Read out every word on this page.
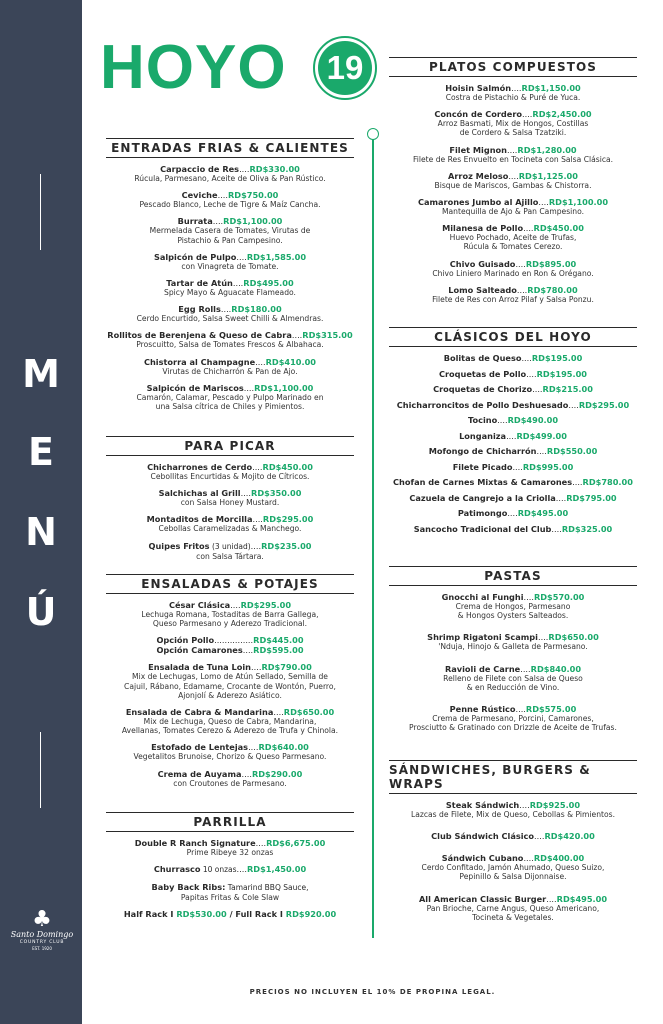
M
E
N
Ú
♣
Santo Domingo
COUNTRY CLUB
EST. 1920
HOYO 19
ENTRADAS FRIAS & CALIENTES
Carpaccio de Res....RD$330.00
Rúcula, Parmesano, Aceite de Oliva & Pan Rústico.
Ceviche....RD$750.00
Pescado Blanco, Leche de Tigre & Maíz Cancha.
Burrata....RD$1,100.00
Mermelada Casera de Tomates, Virutas de
Pistachio & Pan Campesino.
Salpicón de Pulpo....RD$1,585.00
con Vinagreta de Tomate.
Tartar de Atún....RD$495.00
Spicy Mayo & Aguacate Flameado.
Egg Rolls....RD$180.00
Cerdo Encurtido, Salsa Sweet Chilli & Almendras.
Rollitos de Berenjena & Queso de Cabra....RD$315.00
Proscuitto, Salsa de Tomates Frescos & Albahaca.
Chistorra al Champagne....RD$410.00
Virutas de Chicharrón & Pan de Ajo.
Salpicón de Mariscos....RD$1,100.00
Camarón, Calamar, Pescado y Pulpo Marinado en
una Salsa cítrica de Chiles y Pimientos.
PARA PICAR
Chicharrones de Cerdo....RD$450.00
Cebollitas Encurtidas & Mojito de Cítricos.
Salchichas al Grill....RD$350.00
con Salsa Honey Mustard.
Montaditos de Morcilla....RD$295.00
Cebollas Caramelizadas & Manchego.
Quipes Fritos (3 unidad)....RD$235.00
con Salsa Tártara.
ENSALADAS & POTAJES
César Clásica....RD$295.00
Lechuga Romana, Tostaditas de Barra Gallega,
Queso Parmesano y Aderezo Tradicional.
Opción Pollo...............RD$445.00
Opción Camarones....RD$595.00
Ensalada de Tuna Loin....RD$790.00
Mix de Lechugas, Lomo de Atún Sellado, Semilla de
Cajuil, Rábano, Edamame, Crocante de Wontón, Puerro,
Ajonjolí & Aderezo Asiático.
Ensalada de Cabra & Mandarina....RD$650.00
Mix de Lechuga, Queso de Cabra, Mandarina,
Avellanas, Tomates Cerezo & Aderezo de Trufa y Chinola.
Estofado de Lentejas....RD$640.00
Vegetalitos Brunoise, Chorizo & Queso Parmesano.
Crema de Auyama....RD$290.00
con Croutones de Parmesano.
PARRILLA
Double R Ranch Signature....RD$6,675.00
Prime Ribeye 32 onzas
Churrasco 10 onzas....RD$1,450.00
Baby Back Ribs: Tamarind BBQ Sauce,
Papitas Fritas & Cole Slaw
Half Rack I RD$530.00 / Full Rack I RD$920.00
PLATOS COMPUESTOS
Hoisin Salmón....RD$1,150.00
Costra de Pistachio & Puré de Yuca.
Concón de Cordero....RD$2,450.00
Arroz Basmati, Mix de Hongos, Costillas
de Cordero & Salsa Tzatziki.
Filet Mignon....RD$1,280.00
Filete de Res Envuelto en Tocineta con Salsa Clásica.
Arroz Meloso....RD$1,125.00
Bisque de Mariscos, Gambas & Chistorra.
Camarones Jumbo al Ajillo....RD$1,100.00
Mantequilla de Ajo & Pan Campesino.
Milanesa de Pollo....RD$450.00
Huevo Pochado, Aceite de Trufas,
Rúcula & Tomates Cerezo.
Chivo Guisado....RD$895.00
Chivo Liniero Marinado en Ron & Orégano.
Lomo Salteado....RD$780.00
Filete de Res con Arroz Pilaf y Salsa Ponzu.
CLÁSICOS DEL HOYO
Bolitas de Queso....RD$195.00
Croquetas de Pollo....RD$195.00
Croquetas de Chorizo....RD$215.00
Chicharroncitos de Pollo Deshuesado....RD$295.00
Tocino....RD$490.00
Longaniza....RD$499.00
Mofongo de Chicharrón....RD$550.00
Filete Picado....RD$995.00
Chofan de Carnes Mixtas & Camarones....RD$780.00
Cazuela de Cangrejo a la Criolla....RD$795.00
Patimongo....RD$495.00
Sancocho Tradicional del Club....RD$325.00
PASTAS
Gnocchi al Funghi....RD$570.00
Crema de Hongos, Parmesano
& Hongos Oysters Salteados.
Shrimp Rigatoni Scampi....RD$650.00
'Nduja, Hinojo & Galleta de Parmesano.
Ravioli de Carne....RD$840.00
Relleno de Filete con Salsa de Queso
& en Reducción de Vino.
Penne Rústico....RD$575.00
Crema de Parmesano, Porcini, Camarones,
Prosciutto & Gratinado con Drizzle de Aceite de Trufas.
SÁNDWICHES, BURGERS & WRAPS
Steak Sándwich....RD$925.00
Lazcas de Filete, Mix de Queso, Cebollas & Pimientos.
Club Sándwich Clásico....RD$420.00
Sándwich Cubano....RD$400.00
Cerdo Confitado, Jamón Ahumado, Queso Suizo,
Pepinillo & Salsa Dijonnaise.
All American Classic Burger....RD$495.00
Pan Brioche, Carne Angus, Queso Americano,
Tocineta & Vegetales.
PRECIOS NO INCLUYEN EL 10% DE PROPINA LEGAL.
